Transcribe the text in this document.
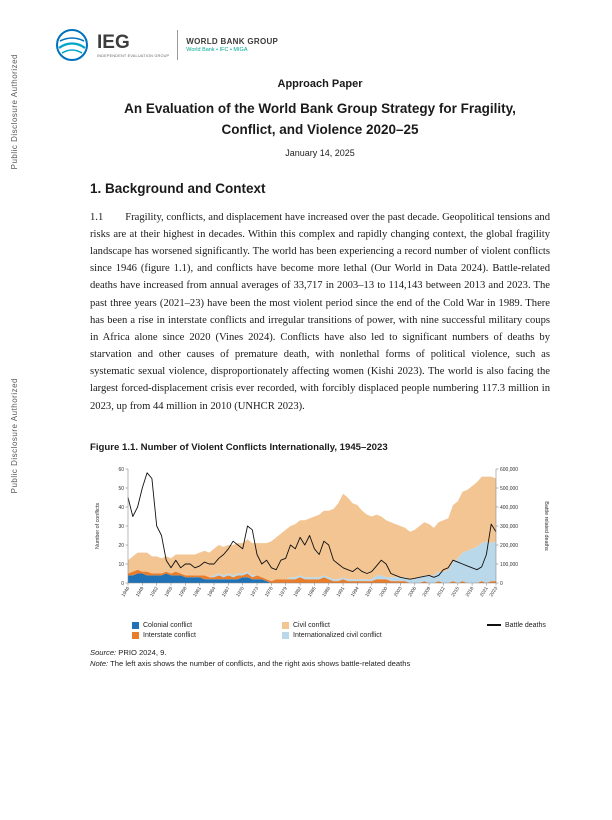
Public Disclosure Authorized
Public Disclosure Authorized
IEG
INDEPENDENT EVALUATION GROUP
WORLD BANK GROUP
World Bank • IFC • MIGA
Approach Paper
An Evaluation of the World Bank Group Strategy for Fragility,
Conflict, and Violence 2020–25
January 14, 2025
1. Background and Context
1.1 Fragility, conflicts, and displacement have increased over the past decade. Geopolitical tensions and risks are at their highest in decades. Within this complex and rapidly changing context, the global fragility landscape has worsened significantly. The world has been experiencing a record number of violent conflicts since 1946 (figure 1.1), and conflicts have become more lethal (Our World in Data 2024). Battle-related deaths have increased from annual averages of 33,717 in 2003–13 to 114,143 between 2013 and 2023. The past three years (2021–23) have been the most violent period since the end of the Cold War in 1989. There has been a rise in interstate conflicts and irregular transitions of power, with nine successful military coups in Africa alone since 2020 (Vines 2024). Conflicts have also led to significant numbers of deaths by starvation and other causes of premature death, with nonlethal forms of political violence, such as systematic sexual violence, disproportionately affecting women (Kishi 2023). The world is also facing the largest forced-displacement crisis ever recorded, with forcibly displaced people numbering 117.3 million in 2023, up from 44 million in 2010 (UNHCR 2023).
Figure 1.1. Number of Violent Conflicts Internationally, 1945–2023
0
10
20
30
40
50
60
0
100,000
200,000
300,000
400,000
500,000
600,000
1946 1949 1952 1955 1958 1961 1964 1967 1970 1973 1976 1979 1982 1985 1988 1991 1994 1997 2000 2003 2006 2009 2012 2015 2018 2021 2023
Number of conflicts	Battle related deaths
Colonial conflict	Civil conflict	Battle deaths
Interstate conflict	Internationalized civil conflict
Source: PRIO 2024, 9.
Note: The left axis shows the number of conflicts, and the right axis shows battle-related deaths
